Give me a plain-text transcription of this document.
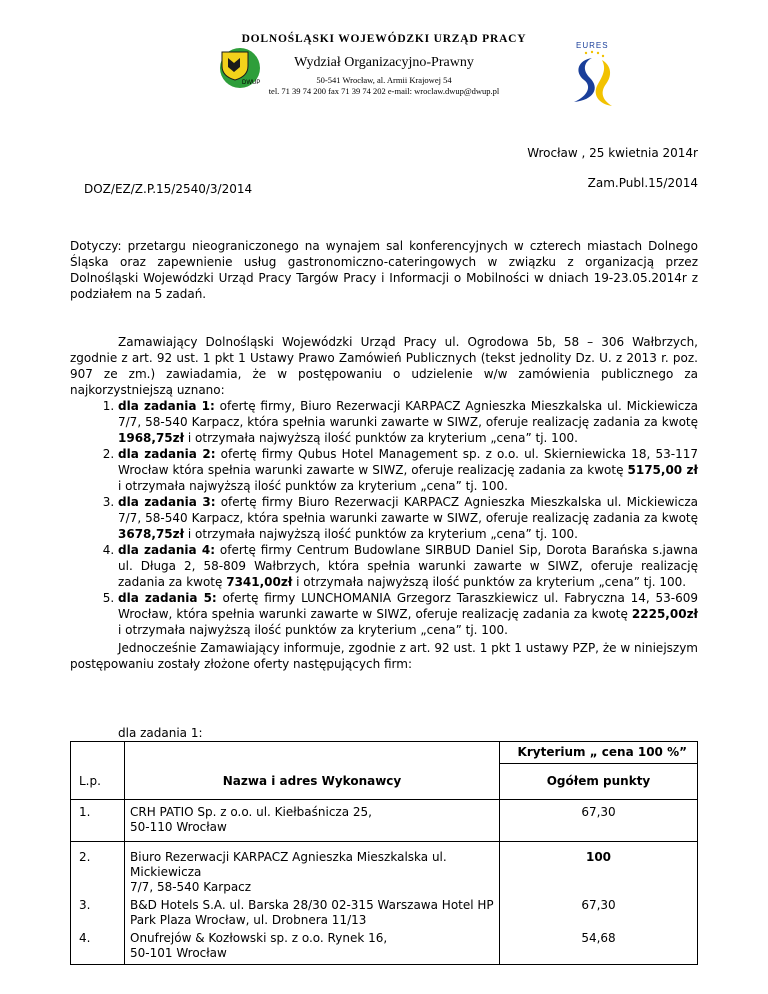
DOLNOŚLĄSKI WOJEWÓDZKI URZĄD PRACY
DWUP
Wydział Organizacyjno-Prawny
50-541 Wrocław, al. Armii Krajowej 54
tel. 71 39 74 200 fax 71 39 74 202 e-mail: wroclaw.dwup@dwup.pl
EURES
Wrocław , 25 kwietnia 2014r
Zam.Publ.15/2014
DOZ/EZ/Z.P.15/2540/3/2014
Dotyczy: przetargu nieograniczonego na wynajem sal konferencyjnych w czterech miastach Dolnego Śląska oraz zapewnienie usług gastronomiczno-cateringowych w związku z organizacją przez Dolnośląski Wojewódzki Urząd Pracy Targów Pracy i Informacji o Mobilności w dniach 19-23.05.2014r z podziałem na 5 zadań.

Zamawiający Dolnośląski Wojewódzki Urząd Pracy ul. Ogrodowa 5b, 58 – 306 Wałbrzych, zgodnie z art. 92 ust. 1 pkt 1 Ustawy Prawo Zamówień Publicznych (tekst jednolity Dz. U. z 2013 r. poz. 907 ze zm.) zawiadamia, że w postępowaniu o udzielenie w/w zamówienia publicznego za najkorzystniejszą uznano:

1. dla zadania 1: ofertę firmy, Biuro Rezerwacji KARPACZ Agnieszka Mieszkalska ul. Mickiewicza 7/7, 58-540 Karpacz, która spełnia warunki zawarte w SIWZ, oferuje realizację zadania za kwotę 1968,75zł i otrzymała najwyższą ilość punktów za kryterium „cena” tj. 100.
2. dla zadania 2: ofertę firmy Qubus Hotel Management sp. z o.o. ul. Skierniewicka 18, 53-117 Wrocław która spełnia warunki zawarte w SIWZ, oferuje realizację zadania za kwotę 5175,00 zł i otrzymała najwyższą ilość punktów za kryterium „cena” tj. 100.
3. dla zadania 3: ofertę firmy Biuro Rezerwacji KARPACZ Agnieszka Mieszkalska ul. Mickiewicza 7/7, 58-540 Karpacz, która spełnia warunki zawarte w SIWZ, oferuje realizację zadania za kwotę 3678,75zł i otrzymała najwyższą ilość punktów za kryterium „cena” tj. 100.
4. dla zadania 4: ofertę firmy Centrum Budowlane SIRBUD Daniel Sip, Dorota Barańska s.jawna ul. Długa 2, 58-809 Wałbrzych, która spełnia warunki zawarte w SIWZ, oferuje realizację zadania za kwotę 7341,00zł i otrzymała najwyższą ilość punktów za kryterium „cena” tj. 100.
5. dla zadania 5: ofertę firmy LUNCHOMANIA Grzegorz Taraszkiewicz ul. Fabryczna 14, 53-609 Wrocław, która spełnia warunki zawarte w SIWZ, oferuje realizację zadania za kwotę 2225,00zł i otrzymała najwyższą ilość punktów za kryterium „cena” tj. 100.

Jednocześnie Zamawiający informuje, zgodnie z art. 92 ust. 1 pkt 1 ustawy PZP, że w niniejszym postępowaniu zostały złożone oferty następujących firm:

dla zadania 1:
		Kryterium „ cena 100 %”
L.p.	Nazwa i adres Wykonawcy	Ogółem punkty
1.	CRH PATIO Sp. z o.o. ul. Kiełbaśnicza 25,
50-110 Wrocław	67,30
2.	Biuro Rezerwacji KARPACZ Agnieszka Mieszkalska ul. Mickiewicza
7/7, 58-540 Karpacz	100
3.	B&D Hotels S.A. ul. Barska 28/30 02-315 Warszawa Hotel HP
Park Plaza Wrocław, ul. Drobnera 11/13	67,30
4.	Onufrejów & Kozłowski sp. z o.o. Rynek 16,
50-101 Wrocław	54,68
